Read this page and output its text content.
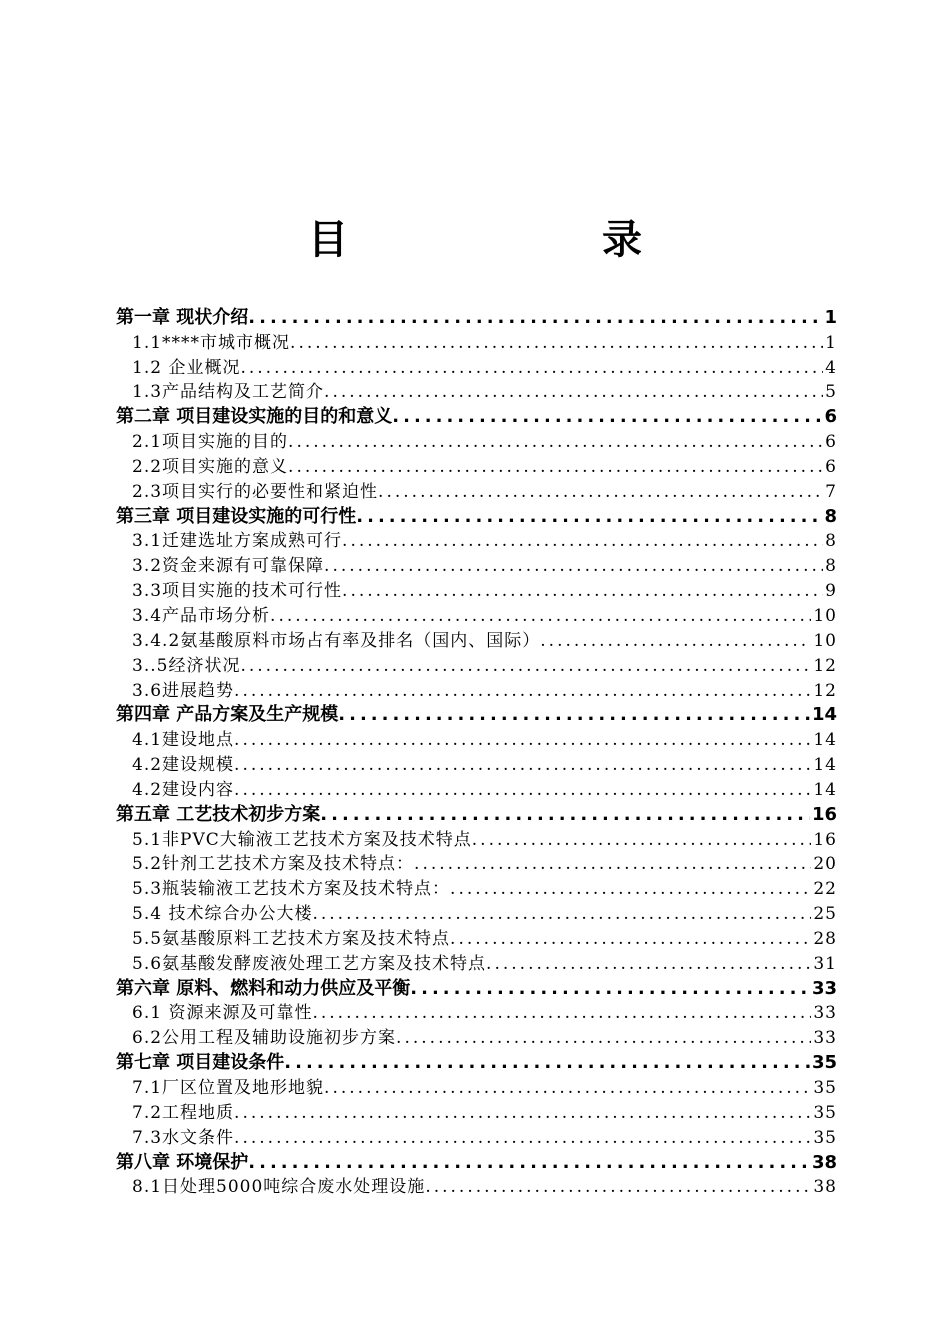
目 录
第一章 现状介绍 .....	1
1.1****市城市概况 .....	1
1.2 企业概况 .....	4
1.3产品结构及工艺简介 .....	5
第二章 项目建设实施的目的和意义 .....	6
2.1项目实施的目的 .....	6
2.2项目实施的意义 .....	6
2.3项目实行的必要性和紧迫性 .....	7
第三章 项目建设实施的可行性 .....	8
3.1迁建选址方案成熟可行 .....	8
3.2资金来源有可靠保障 .....	8
3.3项目实施的技术可行性 .....	9
3.4产品市场分析 .....	10
3.4.2氨基酸原料市场占有率及排名（国内、国际） .....	10
3..5经济状况 .....	12
3.6进展趋势 .....	12
第四章 产品方案及生产规模 .....	14
4.1建设地点 .....	14
4.2建设规模 .....	14
4.2建设内容 .....	14
第五章 工艺技术初步方案 .....	16
5.1非PVC大输液工艺技术方案及技术特点 .....	16
5.2针剂工艺技术方案及技术特点： .....	20
5.3瓶装输液工艺技术方案及技术特点： .....	22
5.4 技术综合办公大楼 .....	25
5.5氨基酸原料工艺技术方案及技术特点 .....	28
5.6氨基酸发酵废液处理工艺方案及技术特点 .....	31
第六章 原料、燃料和动力供应及平衡 .....	33
6.1 资源来源及可靠性 .....	33
6.2公用工程及辅助设施初步方案 .....	33
第七章 项目建设条件 .....	35
7.1厂区位置及地形地貌 .....	35
7.2工程地质 .....	35
7.3水文条件 .....	35
第八章 环境保护 .....	38
8.1日处理5000吨综合废水处理设施 .....	38
